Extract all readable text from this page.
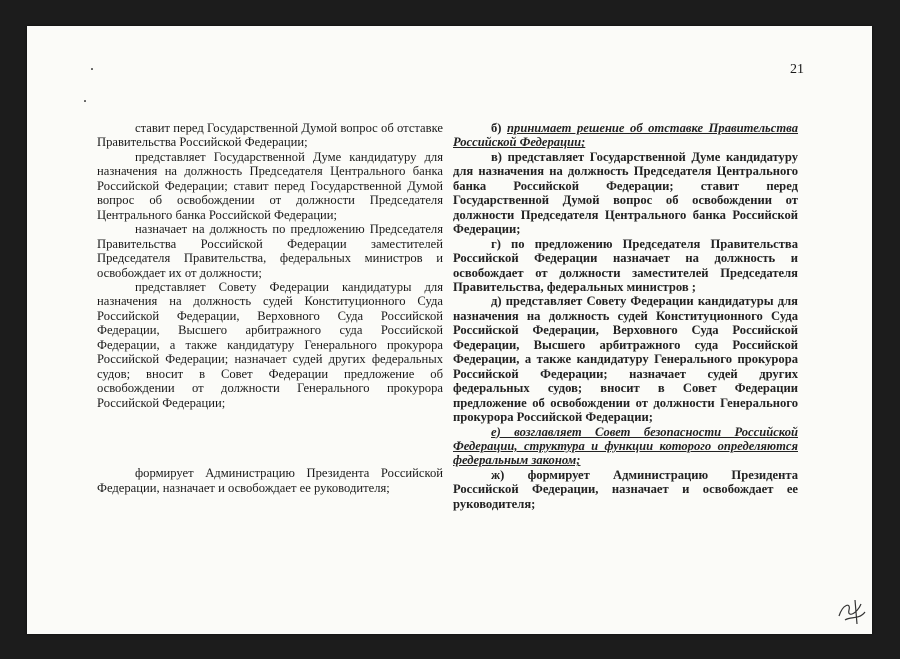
21

ставит перед Государственной Думой вопрос об отставке Правительства Российской Федерации;

представляет Государственной Думе кандидатуру для назначения на должность Председателя Центрального банка Российской Федерации; ставит перед Государственной Думой вопрос об освобождении от должности Председателя Центрального банка Российской Федерации;

назначает на должность по предложению Председателя Правительства Российской Федерации заместителей Председателя Правительства, федеральных министров и освобождает их от должности;

представляет Совету Федерации кандидатуры для назначения на должность судей Конституционного Суда Российской Федерации, Верховного Суда Российской Федерации, Высшего арбитражного суда Российской Федерации, а также кандидатуру Генерального прокурора Российской Федерации; назначает судей других федеральных судов; вносит в Совет Федерации предложение об освобождении от должности Генерального прокурора Российской Федерации;

формирует Администрацию Президента Российской Федерации, назначает и освобождает ее руководителя;

б) принимает решение об отставке Правительства Российской Федерации;

в) представляет Государственной Думе кандидатуру для назначения на должность Председателя Центрального банка Российской Федерации; ставит перед Государственной Думой вопрос об освобождении от должности Председателя Центрального банка Российской Федерации;

г) по предложению Председателя Правительства Российской Федерации назначает на должность и освобождает от должности заместителей Председателя Правительства, федеральных министров ;

д) представляет Совету Федерации кандидатуры для назначения на должность судей Конституционного Суда Российской Федерации, Верховного Суда Российской Федерации, Высшего арбитражного суда Российской Федерации, а также кандидатуру Генерального прокурора Российской Федерации; назначает судей других федеральных судов; вносит в Совет Федерации предложение об освобождении от должности Генерального прокурора Российской Федерации;

е) возглавляет Совет безопасности Российской Федерации, структура и функции которого определяются федеральным законом;

ж) формирует Администрацию Президента Российской Федерации, назначает и освобождает ее руководителя;
